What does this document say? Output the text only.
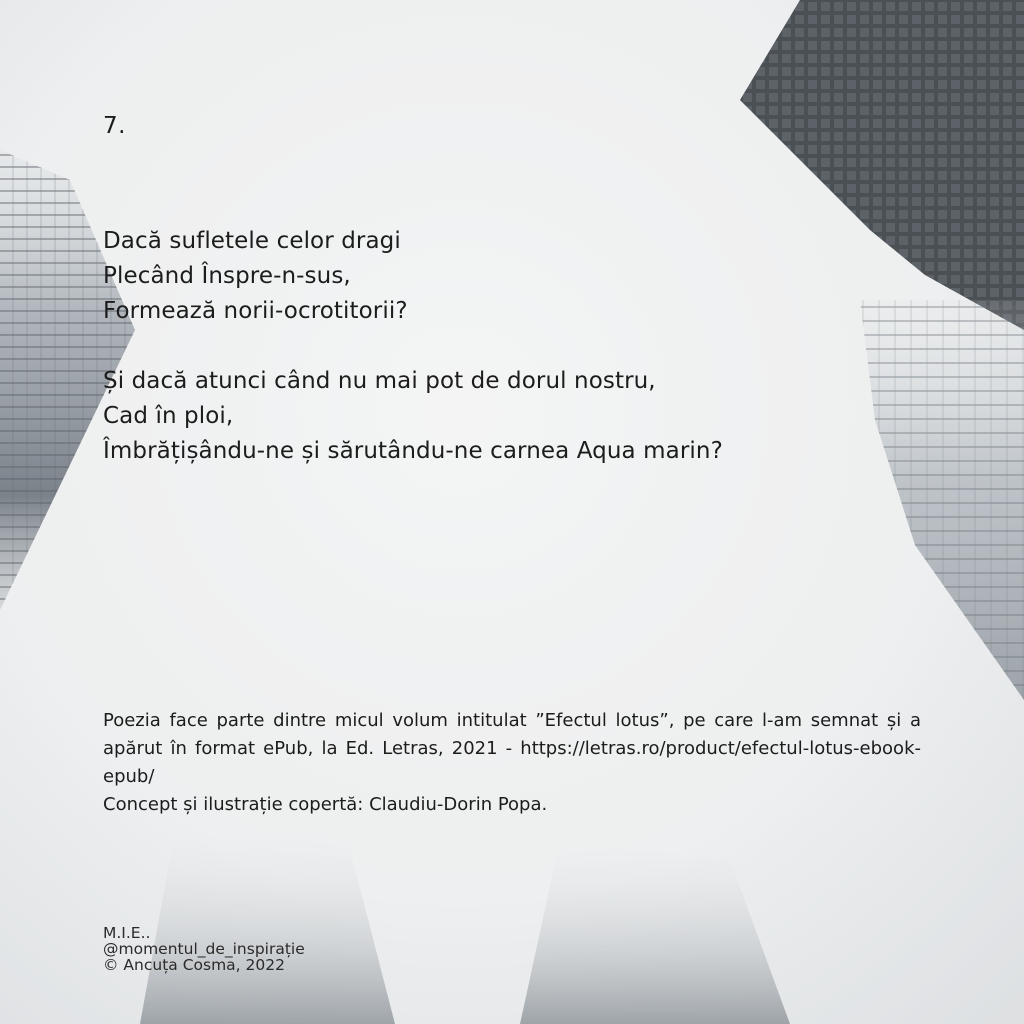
7.
Dacă sufletele celor dragi
Plecând Înspre-n-sus,
Formează norii-ocrotitorii?
Și dacă atunci când nu mai pot de dorul nostru,
Cad în ploi,
Îmbrățișându-ne și sărutându-ne carnea Aqua marin?
Poezia face parte dintre micul volum intitulat ”Efectul lotus”, pe care l-am semnat și a apărut în format ePub, la Ed. Letras, 2021 - https://letras.ro/product/efectul-lotus-ebook-epub/
Concept și ilustrație copertă: Claudiu-Dorin Popa.
M.I.E..
@momentul_de_inspirație
© Ancuța Cosma, 2022
